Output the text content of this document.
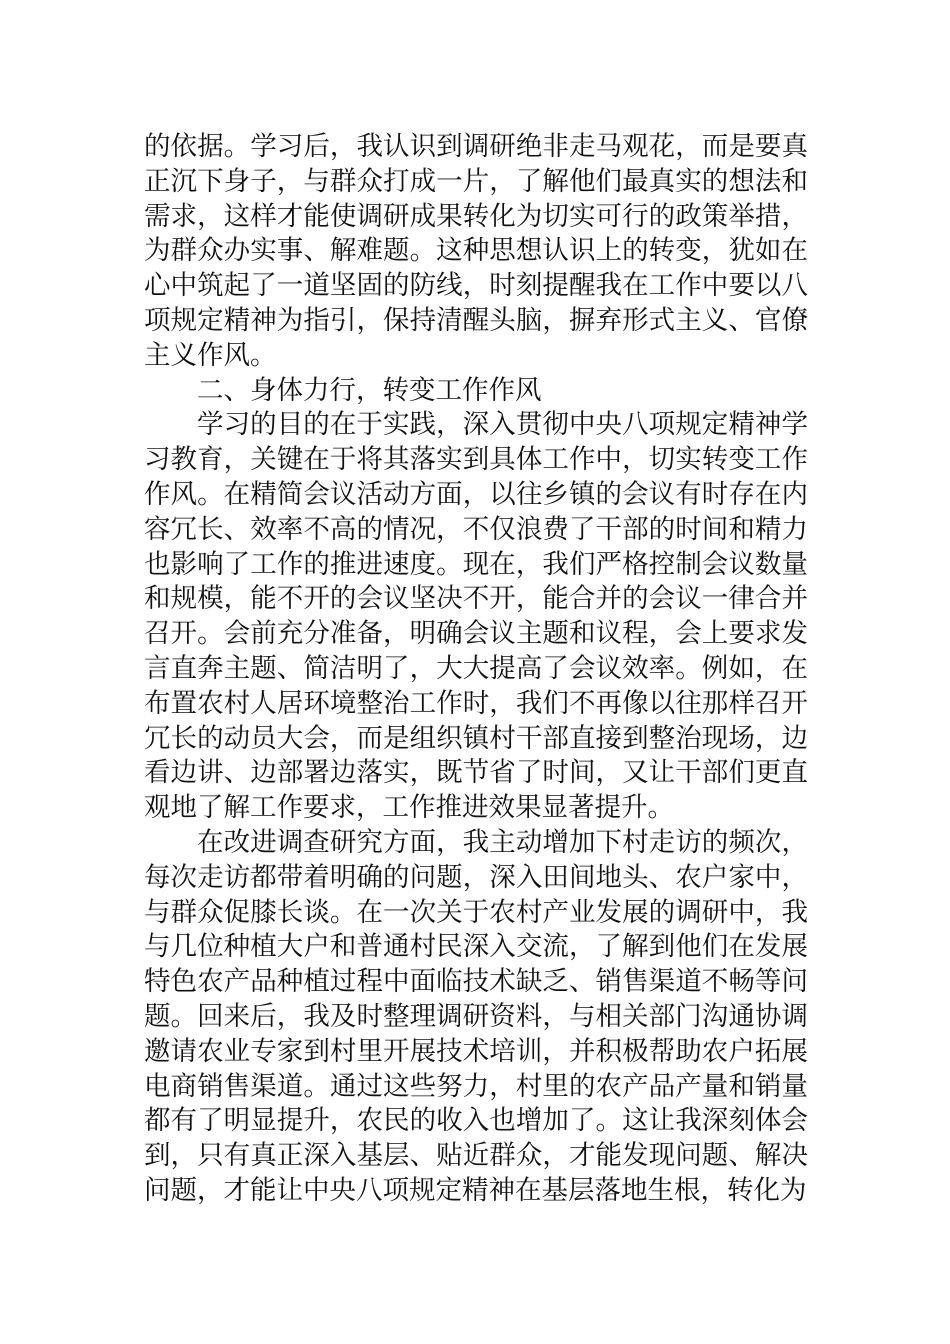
的依据。学习后，我认识到调研绝非走马观花，而是要真正沉下身子，与群众打成一片，了解他们最真实的想法和需求，这样才能使调研成果转化为切实可行的政策举措，为群众办实事、解难题。这种思想认识上的转变，犹如在心中筑起了一道坚固的防线，时刻提醒我在工作中要以八项规定精神为指引，保持清醒头脑，摒弃形式主义、官僚主义作风。

二、身体力行，转变工作作风

学习的目的在于实践，深入贯彻中央八项规定精神学习教育，关键在于将其落实到具体工作中，切实转变工作作风。在精简会议活动方面，以往乡镇的会议有时存在内容冗长、效率不高的情况，不仅浪费了干部的时间和精力也影响了工作的推进速度。现在，我们严格控制会议数量和规模，能不开的会议坚决不开，能合并的会议一律合并召开。会前充分准备，明确会议主题和议程，会上要求发言直奔主题、简洁明了，大大提高了会议效率。例如，在布置农村人居环境整治工作时，我们不再像以往那样召开冗长的动员大会，而是组织镇村干部直接到整治现场，边看边讲、边部署边落实，既节省了时间，又让干部们更直观地了解工作要求，工作推进效果显著提升。

在改进调查研究方面，我主动增加下村走访的频次，每次走访都带着明确的问题，深入田间地头、农户家中，与群众促膝长谈。在一次关于农村产业发展的调研中，我与几位种植大户和普通村民深入交流，了解到他们在发展特色农产品种植过程中面临技术缺乏、销售渠道不畅等问题。回来后，我及时整理调研资料，与相关部门沟通协调邀请农业专家到村里开展技术培训，并积极帮助农户拓展电商销售渠道。通过这些努力，村里的农产品产量和销量都有了明显提升，农民的收入也增加了。这让我深刻体会到，只有真正深入基层、贴近群众，才能发现问题、解决问题，才能让中央八项规定精神在基层落地生根，转化为
